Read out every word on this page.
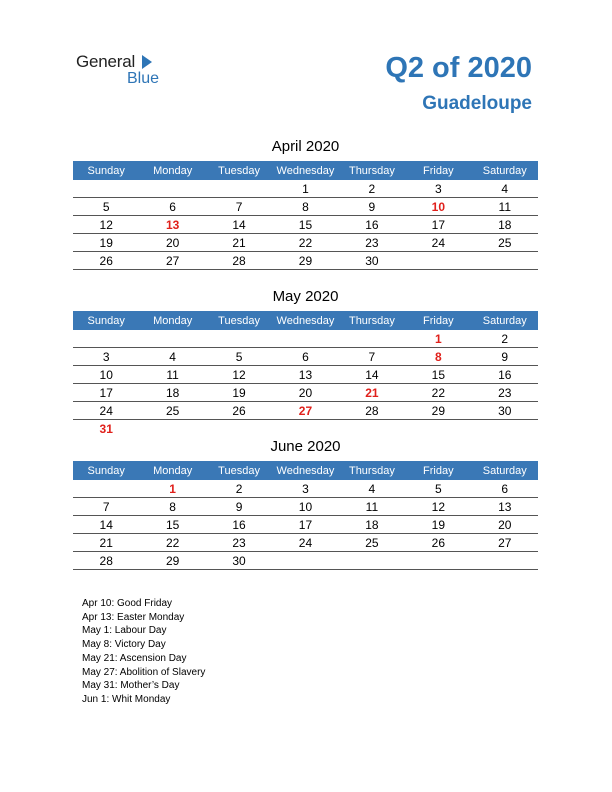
General
Blue	Q2 of 2020
Guadeloupe
April 2020
Sunday	Monday	Tuesday	Wednesday	Thursday	Friday	Saturday
			1	2	3	4
5	6	7	8	9	10	11
12	13	14	15	16	17	18
19	20	21	22	23	24	25
26	27	28	29	30		
May 2020
Sunday	Monday	Tuesday	Wednesday	Thursday	Friday	Saturday
					1	2
3	4	5	6	7	8	9
10	11	12	13	14	15	16
17	18	19	20	21	22	23
24	25	26	27	28	29	30
31						
June 2020
Sunday	Monday	Tuesday	Wednesday	Thursday	Friday	Saturday
	1	2	3	4	5	6
7	8	9	10	11	12	13
14	15	16	17	18	19	20
21	22	23	24	25	26	27
28	29	30				
Apr 10: Good Friday
Apr 13: Easter Monday
May 1: Labour Day
May 8: Victory Day
May 21: Ascension Day
May 27: Abolition of Slavery
May 31: Mother’s Day
Jun 1: Whit Monday
